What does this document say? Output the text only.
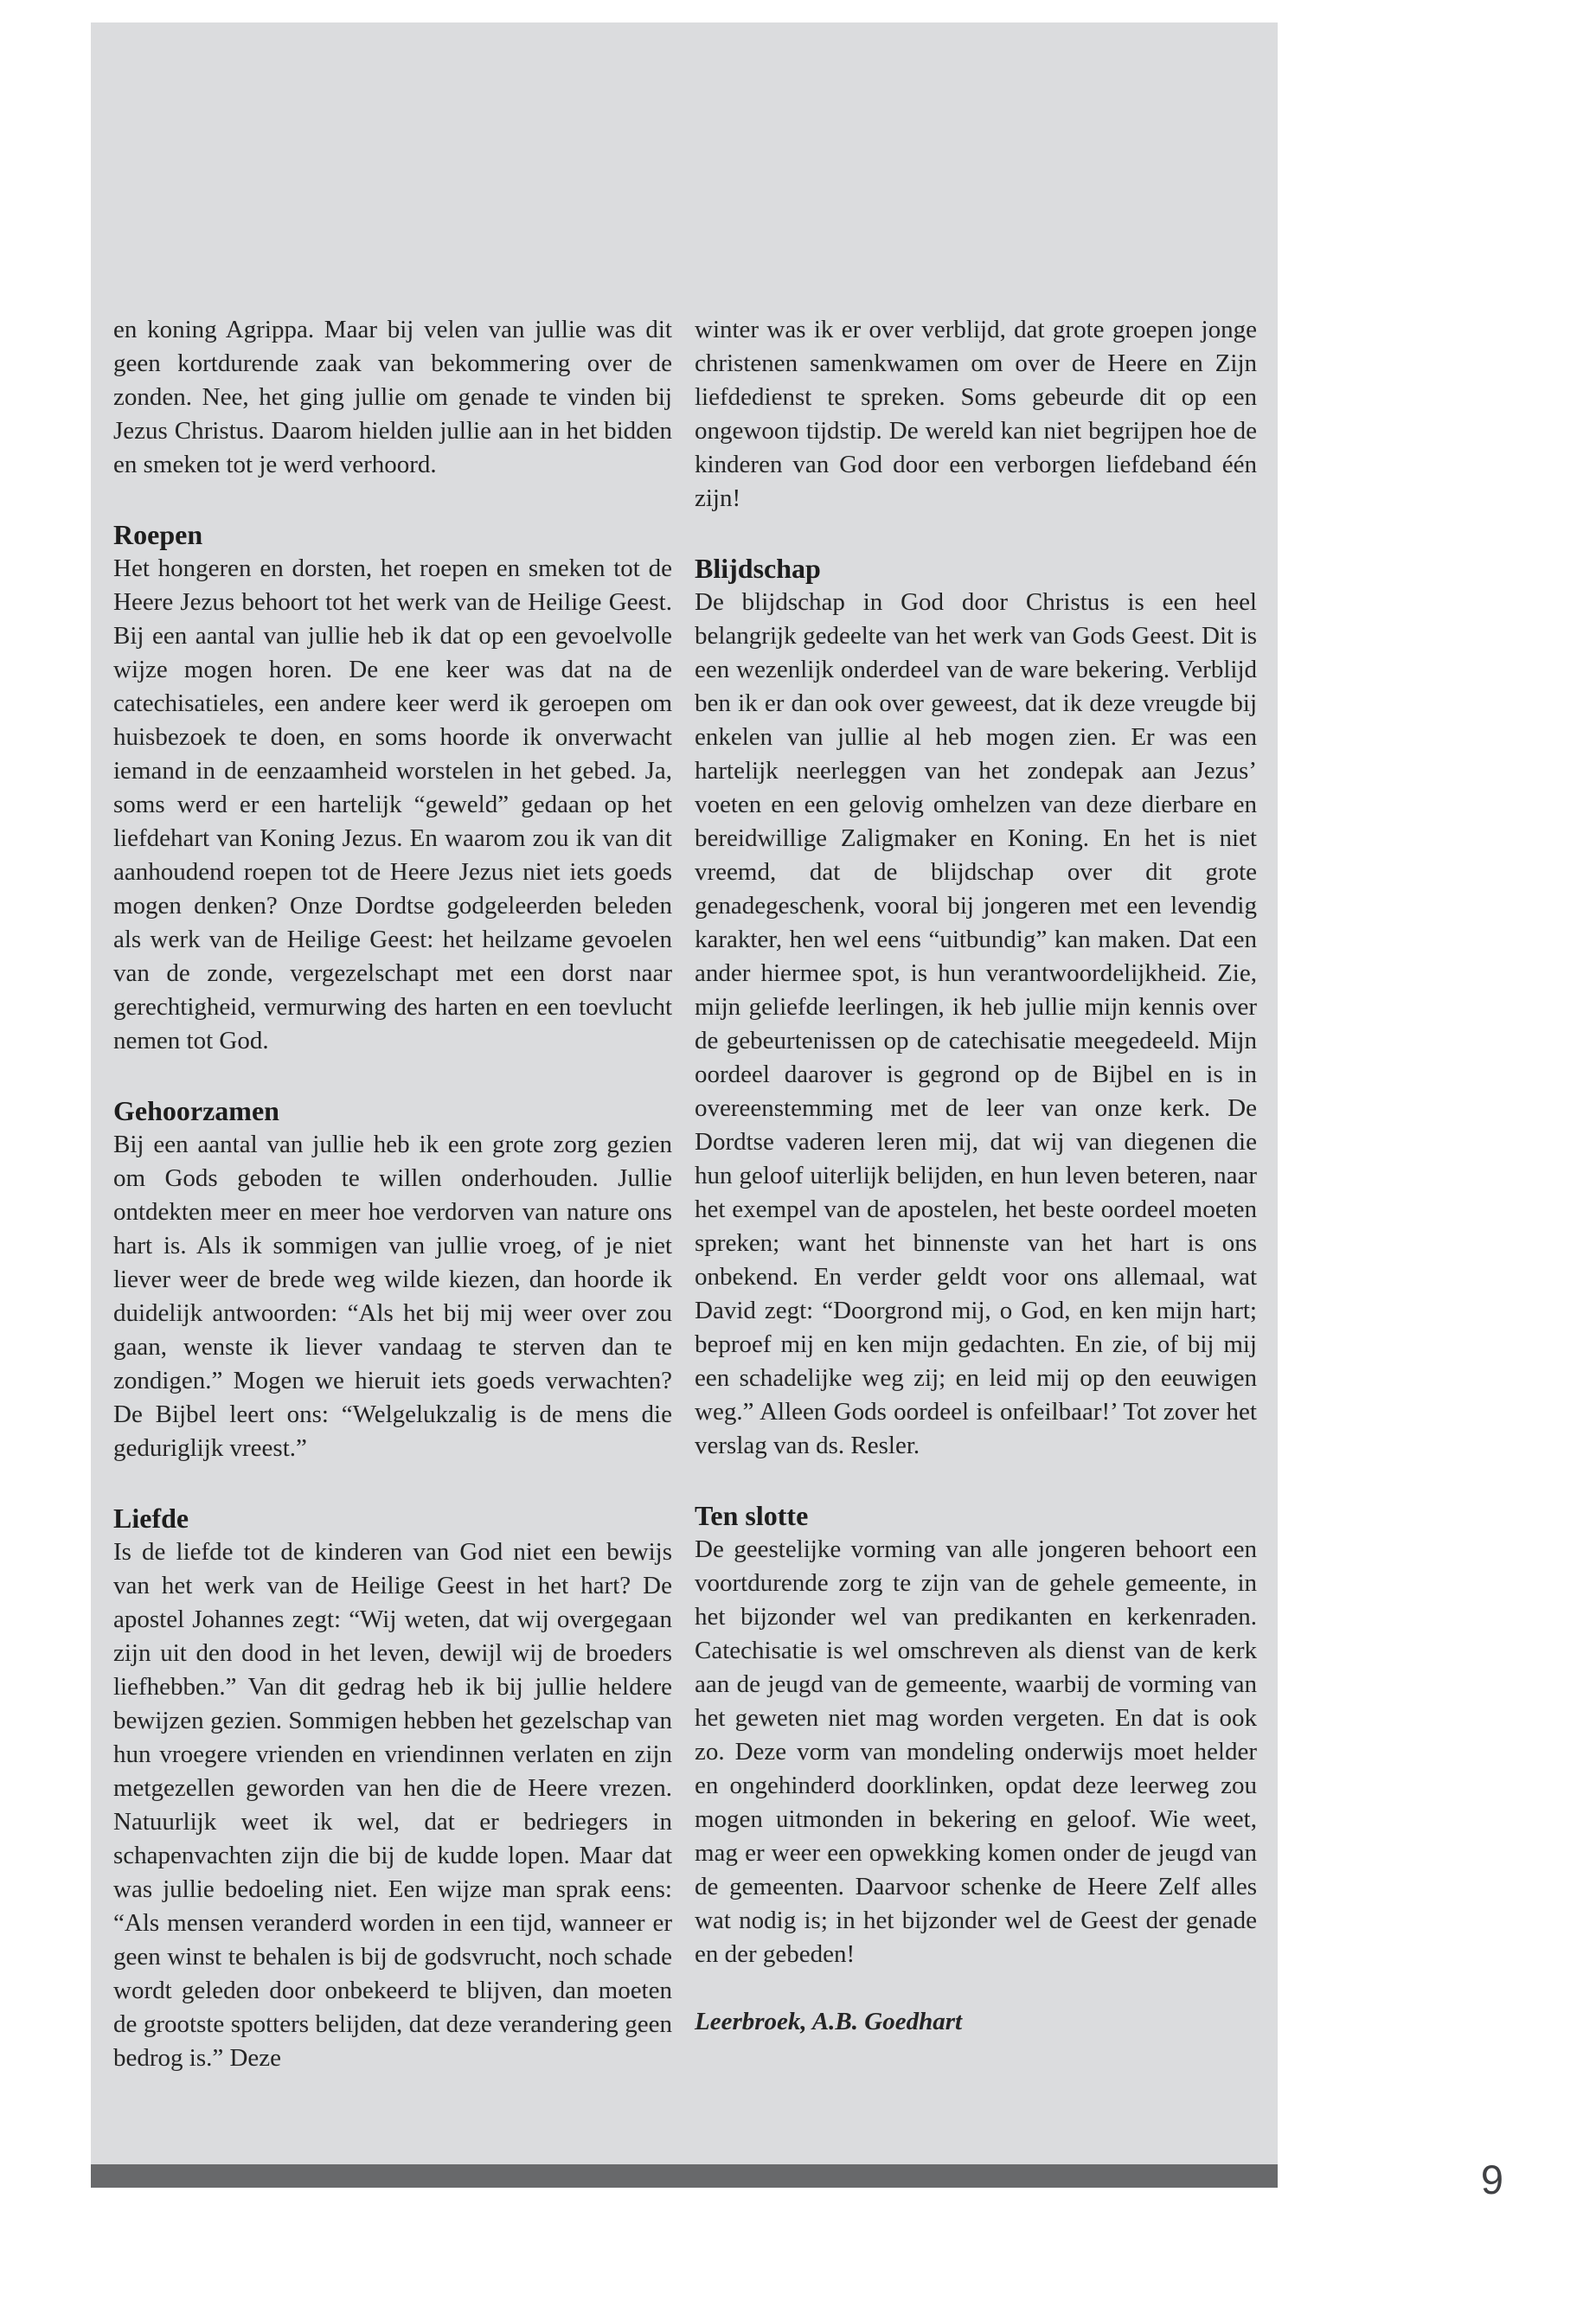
en koning Agrippa. Maar bij velen van jullie was dit geen kortdurende zaak van bekommering over de zonden. Nee, het ging jullie om genade te vinden bij Jezus Christus. Daarom hielden jullie aan in het bidden en smeken tot je werd verhoord.

Roepen

Het hongeren en dorsten, het roepen en smeken tot de Heere Jezus behoort tot het werk van de Heilige Geest. Bij een aantal van jullie heb ik dat op een gevoelvolle wijze mogen horen. De ene keer was dat na de catechisatieles, een andere keer werd ik geroepen om huisbezoek te doen, en soms hoorde ik onverwacht iemand in de eenzaamheid worstelen in het gebed. Ja, soms werd er een hartelijk “geweld” gedaan op het liefdehart van Koning Jezus. En waarom zou ik van dit aanhoudend roepen tot de Heere Jezus niet iets goeds mogen denken? Onze Dordtse godgeleerden beleden als werk van de Heilige Geest: het heilzame gevoelen van de zonde, vergezelschapt met een dorst naar gerechtigheid, vermurwing des harten en een toevlucht nemen tot God.

Gehoorzamen

Bij een aantal van jullie heb ik een grote zorg gezien om Gods geboden te willen onderhouden. Jullie ontdekten meer en meer hoe verdorven van nature ons hart is. Als ik sommigen van jullie vroeg, of je niet liever weer de brede weg wilde kiezen, dan hoorde ik duidelijk antwoorden: “Als het bij mij weer over zou gaan, wenste ik liever vandaag te sterven dan te zondigen.” Mogen we hieruit iets goeds verwachten? De Bijbel leert ons: “Welgelukzalig is de mens die geduriglijk vreest.”

Liefde

Is de liefde tot de kinderen van God niet een bewijs van het werk van de Heilige Geest in het hart? De apostel Johannes zegt: “Wij weten, dat wij overgegaan zijn uit den dood in het leven, dewijl wij de broeders liefhebben.” Van dit gedrag heb ik bij jullie heldere bewijzen gezien. Sommigen hebben het gezelschap van hun vroegere vrienden en vriendinnen verlaten en zijn metgezellen geworden van hen die de Heere vrezen. Natuurlijk weet ik wel, dat er bedriegers in schapenvachten zijn die bij de kudde lopen. Maar dat was jullie bedoeling niet. Een wijze man sprak eens: “Als mensen veranderd worden in een tijd, wanneer er geen winst te behalen is bij de godsvrucht, noch schade wordt geleden door onbekeerd te blijven, dan moeten de grootste spotters belijden, dat deze verandering geen bedrog is.” Deze

winter was ik er over verblijd, dat grote groepen jonge christenen samenkwamen om over de Heere en Zijn liefdedienst te spreken. Soms gebeurde dit op een ongewoon tijdstip. De wereld kan niet begrijpen hoe de kinderen van God door een verborgen liefdeband één zijn!

Blijdschap

De blijdschap in God door Christus is een heel belangrijk gedeelte van het werk van Gods Geest. Dit is een wezenlijk onderdeel van de ware bekering. Verblijd ben ik er dan ook over geweest, dat ik deze vreugde bij enkelen van jullie al heb mogen zien. Er was een hartelijk neerleggen van het zondepak aan Jezus’ voeten en een gelovig omhelzen van deze dierbare en bereidwillige Zaligmaker en Koning. En het is niet vreemd, dat de blijdschap over dit grote genadegeschenk, vooral bij jongeren met een levendig karakter, hen wel eens “uitbundig” kan maken. Dat een ander hiermee spot, is hun verantwoordelijkheid. Zie, mijn geliefde leerlingen, ik heb jullie mijn kennis over de gebeurtenissen op de catechisatie meegedeeld. Mijn oordeel daarover is gegrond op de Bijbel en is in overeenstemming met de leer van onze kerk. De Dordtse vaderen leren mij, dat wij van diegenen die hun geloof uiterlijk belijden, en hun leven beteren, naar het exempel van de apostelen, het beste oordeel moeten spreken; want het binnenste van het hart is ons onbekend. En verder geldt voor ons allemaal, wat David zegt: “Doorgrond mij, o God, en ken mijn hart; beproef mij en ken mijn gedachten. En zie, of bij mij een schadelijke weg zij; en leid mij op den eeuwigen weg.” Alleen Gods oordeel is onfeilbaar!’ Tot zover het verslag van ds. Resler.

Ten slotte

De geestelijke vorming van alle jongeren behoort een voortdurende zorg te zijn van de gehele gemeente, in het bijzonder wel van predikanten en kerkenraden. Catechisatie is wel omschreven als dienst van de kerk aan de jeugd van de gemeente, waarbij de vorming van het geweten niet mag worden vergeten. En dat is ook zo. Deze vorm van mondeling onderwijs moet helder en ongehinderd doorklinken, opdat deze leerweg zou mogen uitmonden in bekering en geloof. Wie weet, mag er weer een opwekking komen onder de jeugd van de gemeenten. Daarvoor schenke de Heere Zelf alles wat nodig is; in het bijzonder wel de Geest der genade en der gebeden!

Leerbroek, A.B. Goedhart

9
